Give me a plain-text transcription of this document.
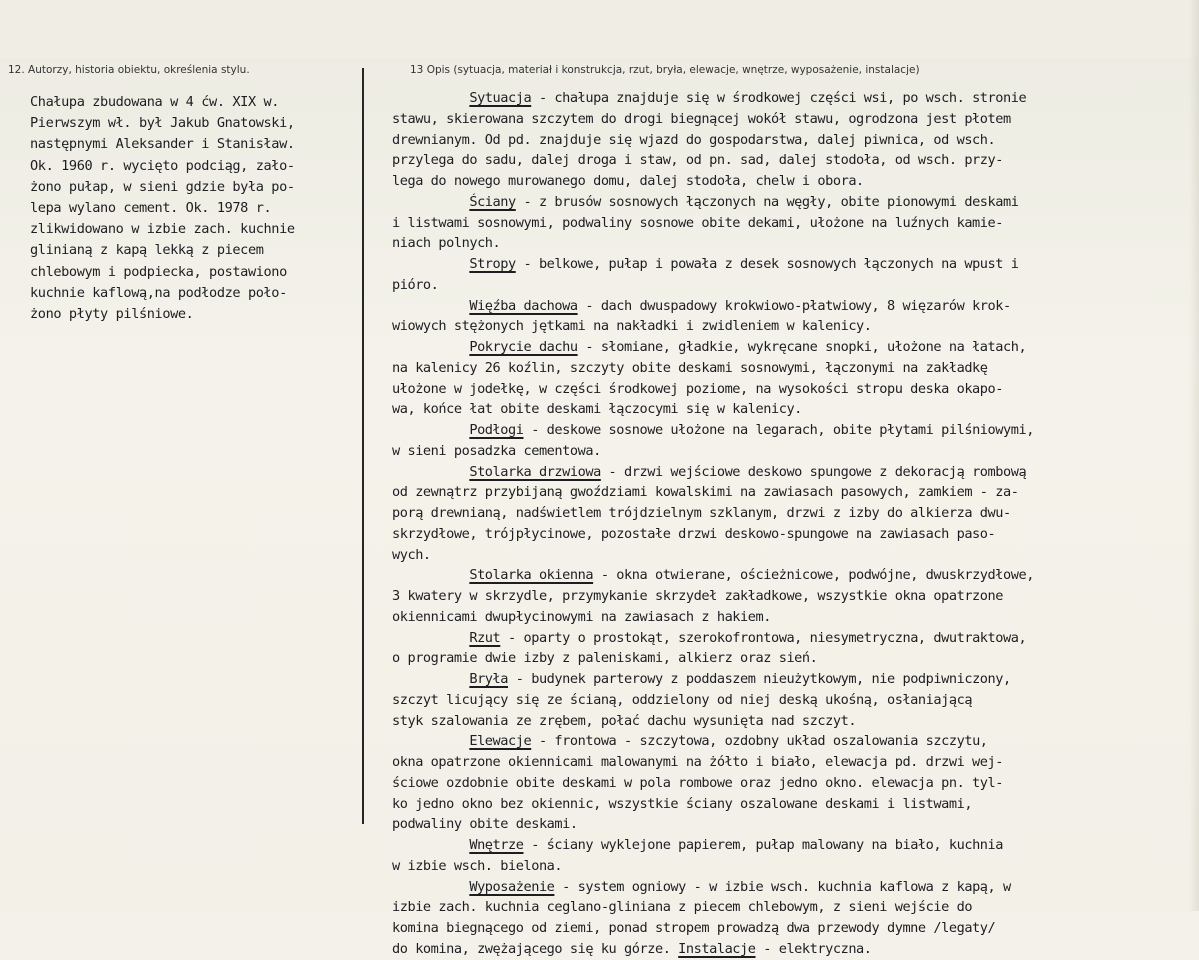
12. Autorzy, historia obiektu, określenia stylu.	13 Opis (sytuacja, materiał i konstrukcja, rzut, bryła, elewacje, wnętrze, wyposażenie, instalacje)
Chałupa zbudowana w 4 ćw. XIX w.
Pierwszym wł. był Jakub Gnatowski,
następnymi Aleksander i Stanisław.
Ok. 1960 r. wycięto podciąg, zało-
żono pułap, w sieni gdzie była po-
lepa wylano cement. Ok. 1978 r.
zlikwidowano w izbie zach. kuchnie
glinianą z kapą lekką z piecem
chlebowym i podpiecka, postawiono
kuchnie kaflową,na podłodze poło-
żono płyty pilśniowe.
Sytuacja - chałupa znajduje się w środkowej części wsi, po wsch. stronie
stawu, skierowana szczytem do drogi biegnącej wokół stawu, ogrodzona jest płotem
drewnianym. Od pd. znajduje się wjazd do gospodarstwa, dalej piwnica, od wsch.
przylega do sadu, dalej droga i staw, od pn. sad, dalej stodoła, od wsch. przy-
lega do nowego murowanego domu, dalej stodoła, chelw i obora.
Ściany - z brusów sosnowych łączonych na węgły, obite pionowymi deskami
i listwami sosnowymi, podwaliny sosnowe obite dekami, ułożone na luźnych kamie-
niach polnych.
Stropy - belkowe, pułap i powała z desek sosnowych łączonych na wpust i
pióro.
Więźba dachowa - dach dwuspadowy krokwiowo-płatwiowy, 8 więzarów krok-
wiowych stężonych jętkami na nakładki i zwidleniem w kalenicy.
Pokrycie dachu - słomiane, gładkie, wykręcane snopki, ułożone na łatach,
na kalenicy 26 koźlin, szczyty obite deskami sosnowymi, łączonymi na zakładkę
ułożone w jodełkę, w części środkowej poziome, na wysokości stropu deska okapo-
wa, końce łat obite deskami łączocymi się w kalenicy.
Podłogi - deskowe sosnowe ułożone na legarach, obite płytami pilśniowymi,
w sieni posadzka cementowa.
Stolarka drzwiowa - drzwi wejściowe deskowo spungowe z dekoracją rombową
od zewnątrz przybijaną gwoździami kowalskimi na zawiasach pasowych, zamkiem - za-
porą drewnianą, nadświetlem trójdzielnym szklanym, drzwi z izby do alkierza dwu-
skrzydłowe, trójpłycinowe, pozostałe drzwi deskowo-spungowe na zawiasach paso-
wych.
Stolarka okienna - okna otwierane, ościeżnicowe, podwójne, dwuskrzydłowe,
3 kwatery w skrzydle, przymykanie skrzydeł zakładkowe, wszystkie okna opatrzone
okiennicami dwupłycinowymi na zawiasach z hakiem.
Rzut - oparty o prostokąt, szerokofrontowa, niesymetryczna, dwutraktowa,
o programie dwie izby z paleniskami, alkierz oraz sień.
Bryła - budynek parterowy z poddaszem nieużytkowym, nie podpiwniczony,
szczyt licujący się ze ścianą, oddzielony od niej deską ukośną, osłaniającą
styk szalowania ze zrębem, połać dachu wysunięta nad szczyt.
Elewacje - frontowa - szczytowa, ozdobny układ oszalowania szczytu,
okna opatrzone okiennicami malowanymi na żółto i biało, elewacja pd. drzwi wej-
ściowe ozdobnie obite deskami w pola rombowe oraz jedno okno. elewacja pn. tyl-
ko jedno okno bez okiennic, wszystkie ściany oszalowane deskami i listwami,
podwaliny obite deskami.
Wnętrze - ściany wyklejone papierem, pułap malowany na biało, kuchnia
w izbie wsch. bielona.
Wyposażenie - system ogniowy - w izbie wsch. kuchnia kaflowa z kapą, w
izbie zach. kuchnia ceglano-gliniana z piecem chlebowym, z sieni wejście do
komina biegnącego od ziemi, ponad stropem prowadzą dwa przewody dymne /legaty/
do komina, zwężającego się ku górze. Instalacje - elektryczna.
